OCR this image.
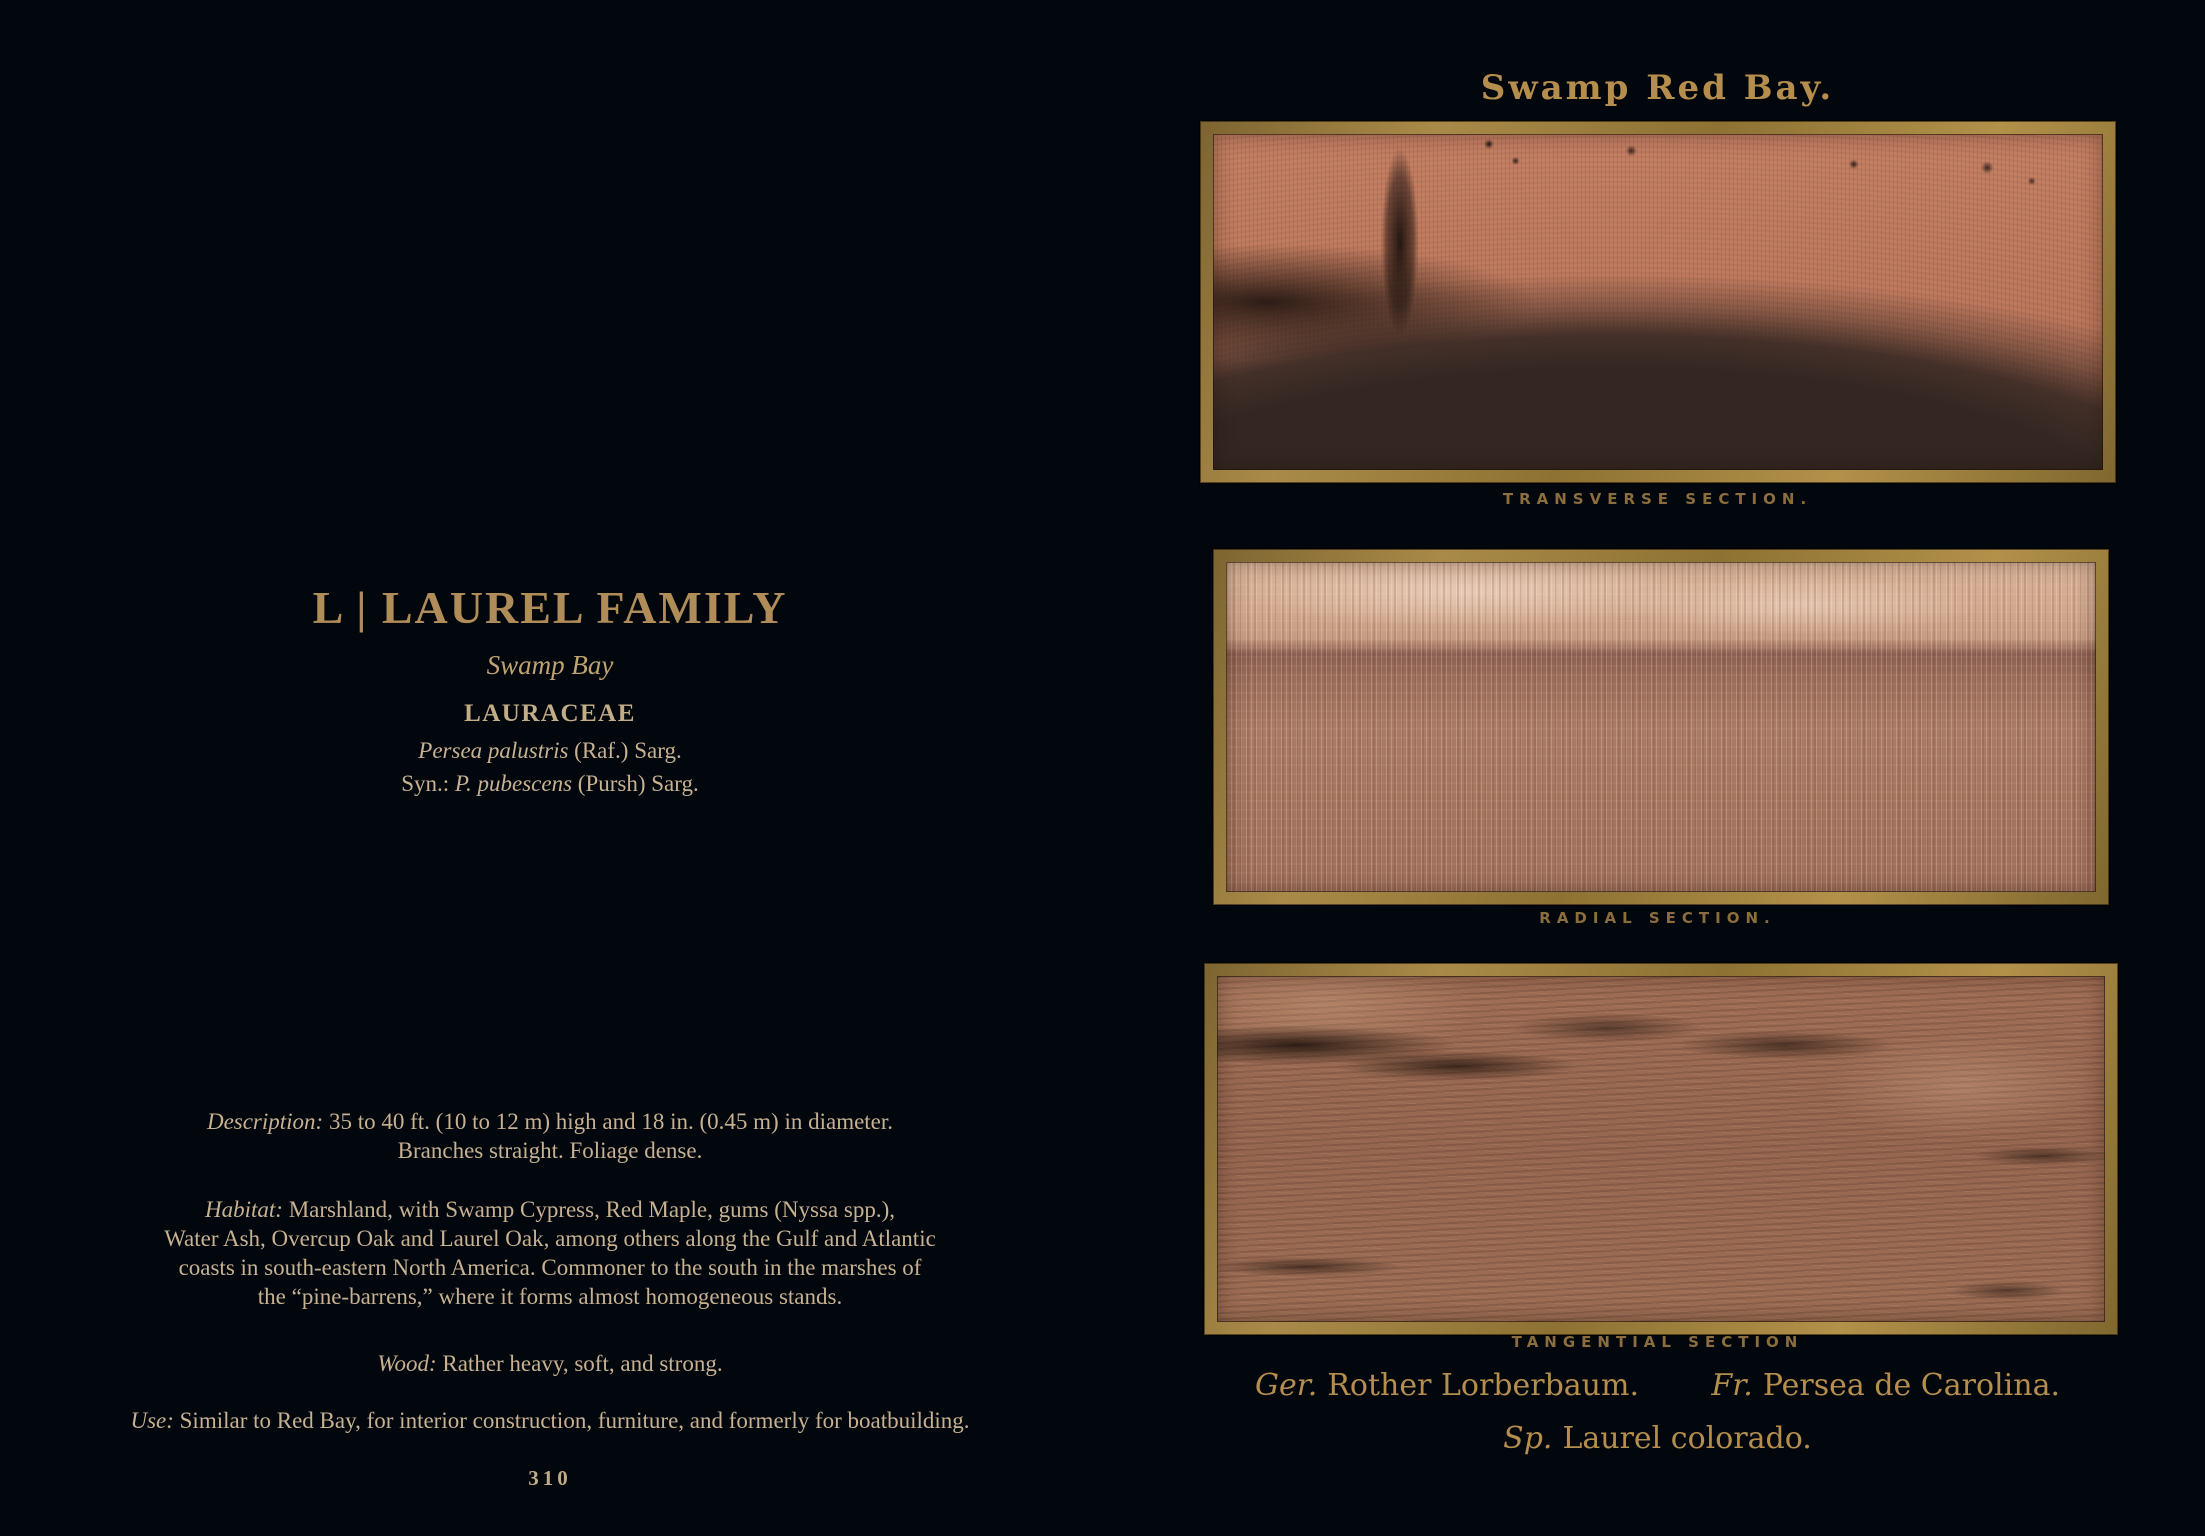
L | LAUREL FAMILY
Swamp Bay
LAURACEAE
Persea palustris (Raf.) Sarg.
Syn.: P. pubescens (Pursh) Sarg.
Description: 35 to 40 ft. (10 to 12 m) high and 18 in. (0.45 m) in diameter.
Branches straight. Foliage dense.
Habitat: Marshland, with Swamp Cypress, Red Maple, gums (Nyssa spp.),
Water Ash, Overcup Oak and Laurel Oak, among others along the Gulf and Atlantic
coasts in south-eastern North America. Commoner to the south in the marshes of
the “pine-barrens,” where it forms almost homogeneous stands.
Wood: Rather heavy, soft, and strong.
Use: Similar to Red Bay, for interior construction, furniture, and formerly for boatbuilding.
310
Swamp Red Bay.
TRANSVERSE SECTION.
RADIAL SECTION.
TANGENTIAL SECTION
Ger. Rother Lorberbaum. Fr. Persea de Carolina.
Sp. Laurel colorado.
